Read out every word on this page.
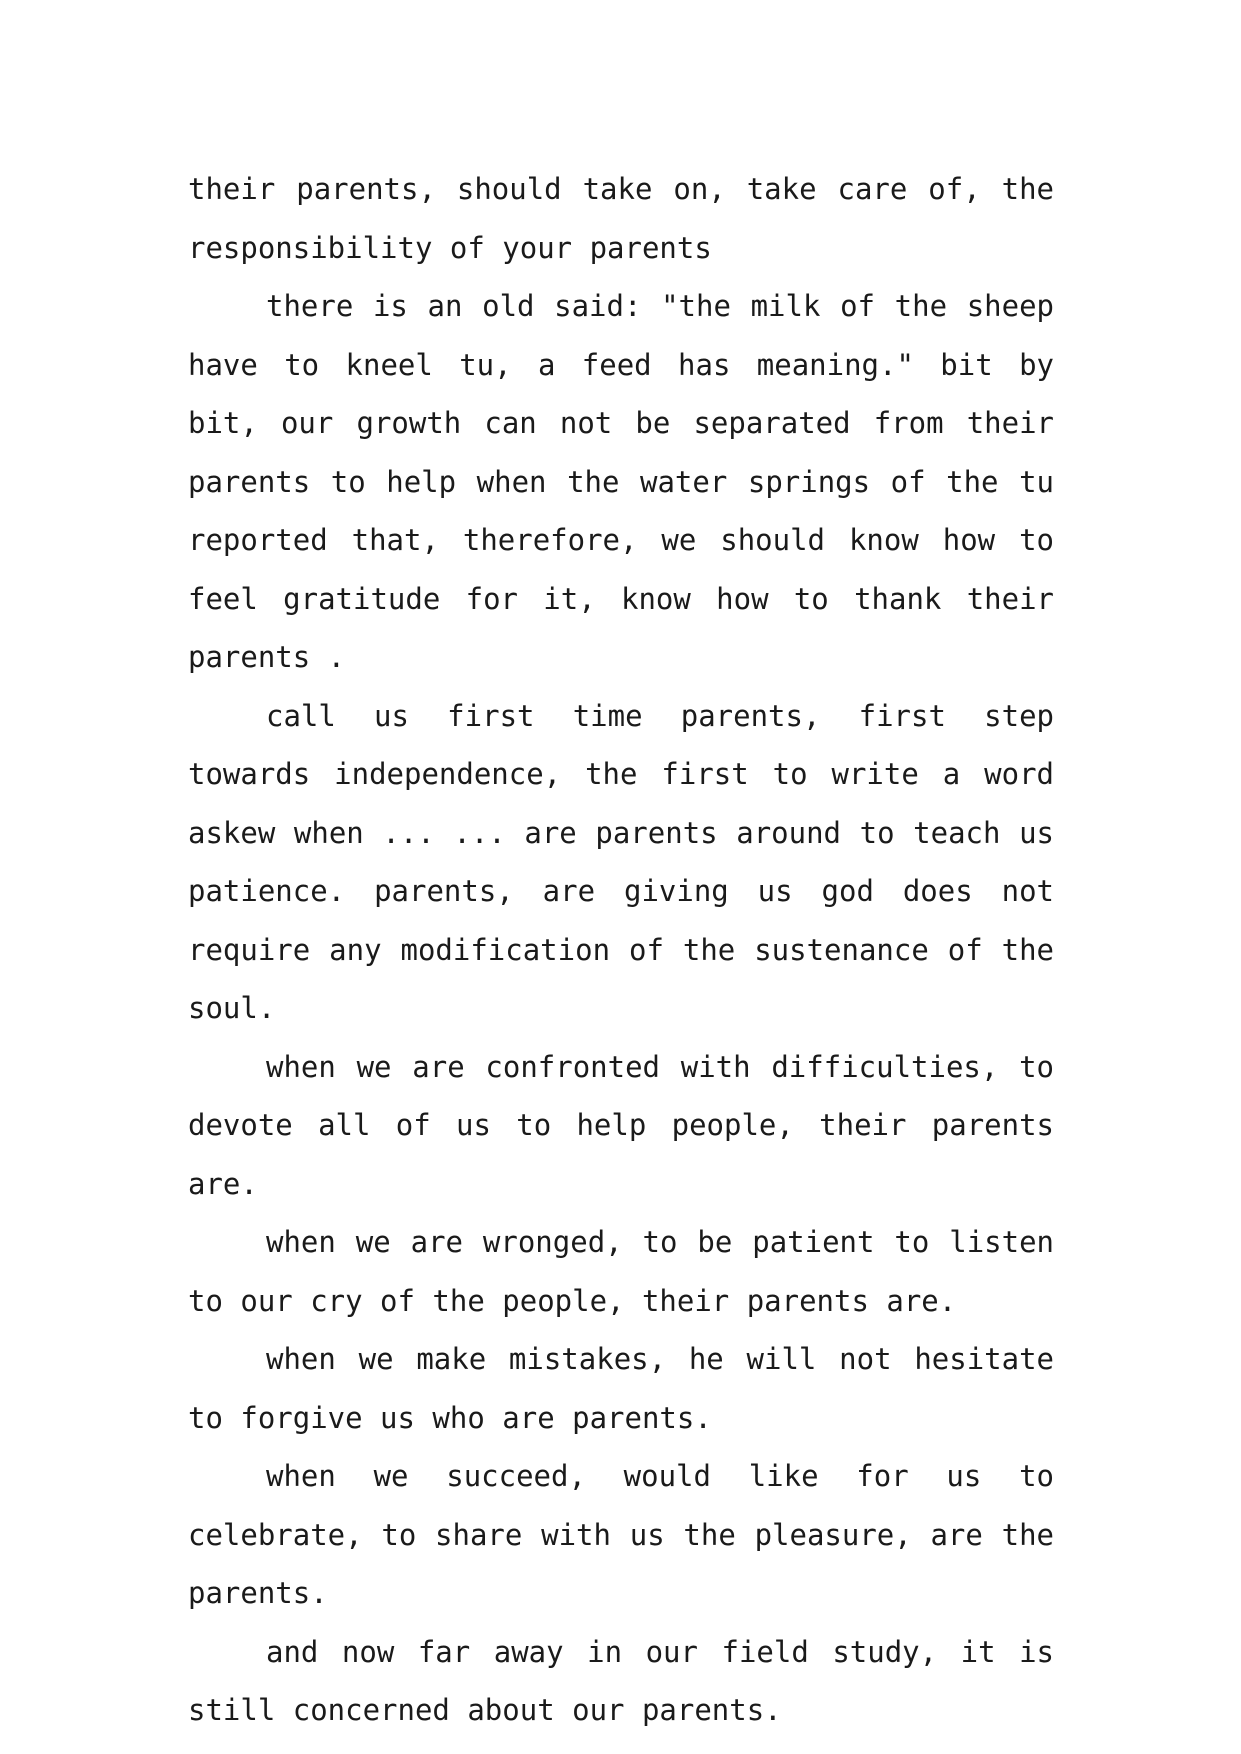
their parents, should take on, take care of, the responsibility of your parents

there is an old said: "the milk of the sheep have to kneel tu, a feed has meaning." bit by bit, our growth can not be separated from their parents to help when the water springs of the tu reported that, therefore, we should know how to feel gratitude for it, know how to thank their parents .

call us first time parents, first step towards independence, the first to write a word askew when ... ... are parents around to teach us patience. parents, are giving us god does not require any modification of the sustenance of the soul.

when we are confronted with difficulties, to devote all of us to help people, their parents are.

when we are wronged, to be patient to listen to our cry of the people, their parents are.

when we make mistakes, he will not hesitate to forgive us who are parents.

when we succeed, would like for us to celebrate, to share with us the pleasure, are the parents.

and now far away in our field study, it is still concerned about our parents.
